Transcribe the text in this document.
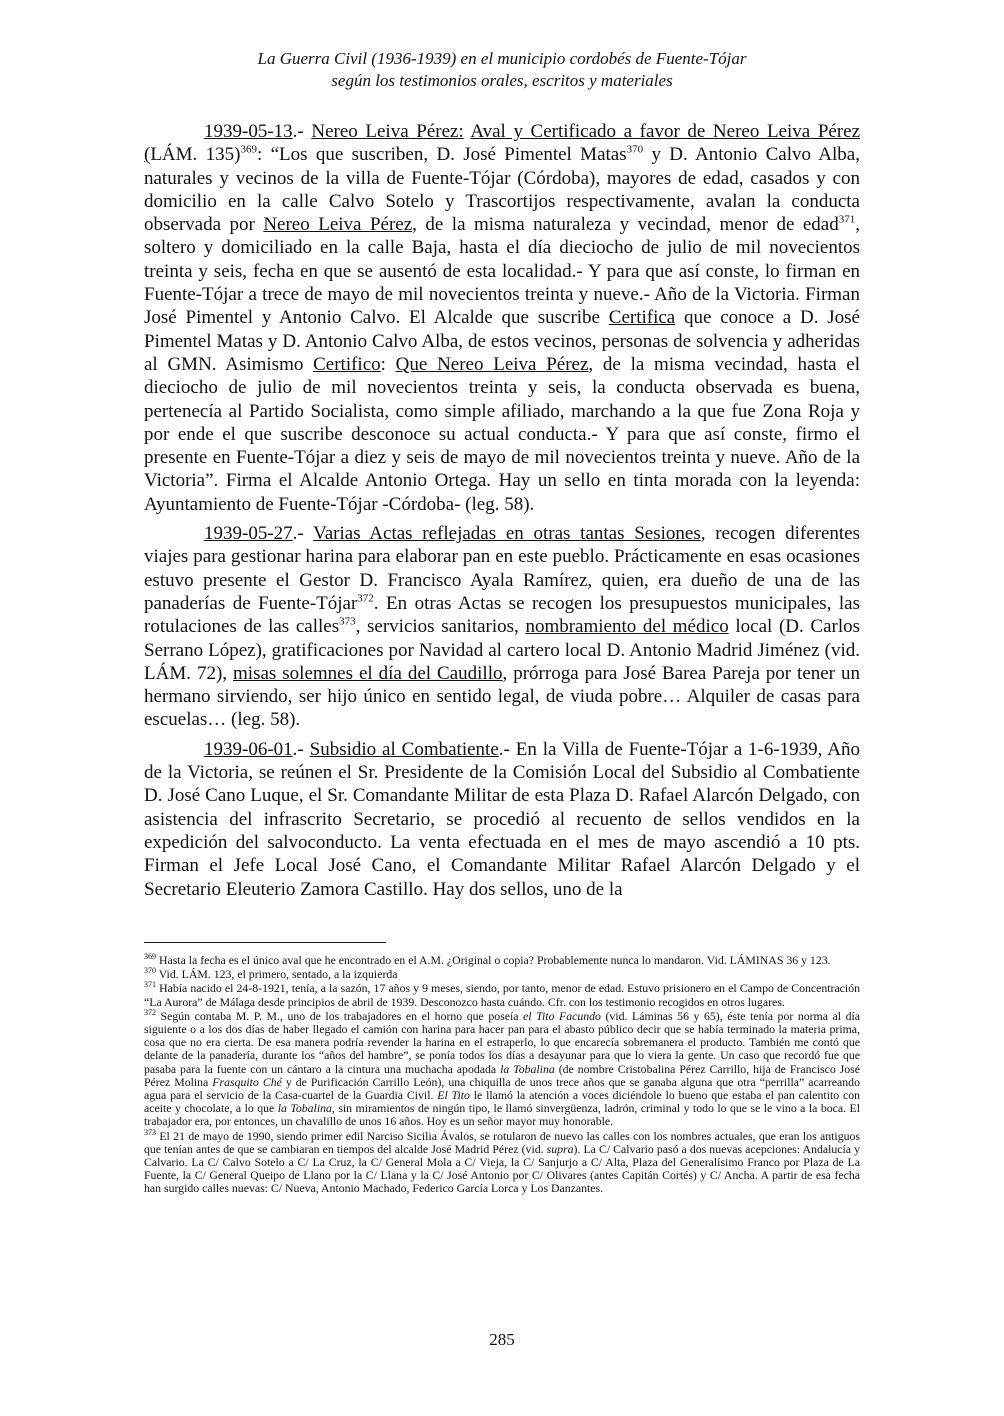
La Guerra Civil (1936-1939) en el municipio cordobés de Fuente-Tójar
según los testimonios orales, escritos y materiales

1939-05-13.- Nereo Leiva Pérez: Aval y Certificado a favor de Nereo Leiva Pérez (LÁM. 135)$^{369}$: “Los que suscriben, D. José Pimentel Matas$^{370}$ y D. Antonio Calvo Alba, naturales y vecinos de la villa de Fuente-Tójar (Córdoba), mayores de edad, casados y con domicilio en la calle Calvo Sotelo y Trascortijos respectivamente, avalan la conducta observada por Nereo Leiva Pérez, de la misma naturaleza y vecindad, menor de edad$^{371}$, soltero y domiciliado en la calle Baja, hasta el día dieciocho de julio de mil novecientos treinta y seis, fecha en que se ausentó de esta localidad.- Y para que así conste, lo firman en Fuente-Tójar a trece de mayo de mil novecientos treinta y nueve.- Año de la Victoria. Firman José Pimentel y Antonio Calvo. El Alcalde que suscribe Certifica que conoce a D. José Pimentel Matas y D. Antonio Calvo Alba, de estos vecinos, personas de solvencia y adheridas al GMN. Asimismo Certifico: Que Nereo Leiva Pérez, de la misma vecindad, hasta el dieciocho de julio de mil novecientos treinta y seis, la conducta observada es buena, pertenecía al Partido Socialista, como simple afiliado, marchando a la que fue Zona Roja y por ende el que suscribe desconoce su actual conducta.- Y para que así conste, firmo el presente en Fuente-Tójar a diez y seis de mayo de mil novecientos treinta y nueve. Año de la Victoria”. Firma el Alcalde Antonio Ortega. Hay un sello en tinta morada con la leyenda: Ayuntamiento de Fuente-Tójar -Córdoba- (leg. 58).

1939-05-27.- Varias Actas reflejadas en otras tantas Sesiones, recogen diferentes viajes para gestionar harina para elaborar pan en este pueblo. Prácticamente en esas ocasiones estuvo presente el Gestor D. Francisco Ayala Ramírez, quien, era dueño de una de las panaderías de Fuente-Tójar$^{372}$. En otras Actas se recogen los presupuestos municipales, las rotulaciones de las calles$^{373}$, servicios sanitarios, nombramiento del médico local (D. Carlos Serrano López), gratificaciones por Navidad al cartero local D. Antonio Madrid Jiménez (vid. LÁM. 72), misas solemnes el día del Caudillo, prórroga para José Barea Pareja por tener un hermano sirviendo, ser hijo único en sentido legal, de viuda pobre… Alquiler de casas para escuelas… (leg. 58).

1939-06-01.- Subsidio al Combatiente.- En la Villa de Fuente-Tójar a 1-6-1939, Año de la Victoria, se reúnen el Sr. Presidente de la Comisión Local del Subsidio al Combatiente D. José Cano Luque, el Sr. Comandante Militar de esta Plaza D. Rafael Alarcón Delgado, con asistencia del infrascrito Secretario, se procedió al recuento de sellos vendidos en la expedición del salvoconducto. La venta efectuada en el mes de mayo ascendió a 10 pts. Firman el Jefe Local José Cano, el Comandante Militar Rafael Alarcón Delgado y el Secretario Eleuterio Zamora Castillo. Hay dos sellos, uno de la

$^{369}$ Hasta la fecha es el único aval que he encontrado en el A.M. ¿Original o copia? Probablemente nunca lo mandaron. Vid. LÁMINAS 36 y 123.

$^{370}$ Vid. LÁM. 123, el primero, sentado, a la izquierda

$^{371}$ Había nacido el 24-8-1921, tenía, a la sazón, 17 años y 9 meses, siendo, por tanto, menor de edad. Estuvo prisionero en el Campo de Concentración “La Aurora” de Málaga desde principios de abril de 1939. Desconozco hasta cuándo. Cfr. con los testimonio recogidos en otros lugares.

$^{372}$ Según contaba M. P. M., uno de los trabajadores en el horno que poseía el Tito Facundo (vid. Láminas 56 y 65), éste tenía por norma al día siguiente o a los dos días de haber llegado el camión con harina para hacer pan para el abasto público decir que se había terminado la materia prima, cosa que no era cierta. De esa manera podría revender la harina en el estraperlo, lo que encarecía sobremanera el producto. También me contó que delante de la panadería, durante los “años del hambre”, se ponía todos los días a desayunar para que lo viera la gente. Un caso que recordó fue que pasaba para la fuente con un cántaro a la cintura una muchacha apodada la Tobalina (de nombre Cristobalina Pérez Carrillo, hija de Francisco José Pérez Molina Frasquito Ché y de Purificación Carrillo León), una chiquilla de unos trece años que se ganaba alguna que otra “perrilla” acarreando agua para el servicio de la Casa-cuartel de la Guardia Civil. El Tito le llamó la atención a voces diciéndole lo bueno que estaba el pan calentito con aceite y chocolate, a lo que la Tobalina, sin miramientos de ningún tipo, le llamó sinvergüenza, ladrón, criminal y todo lo que se le vino a la boca. El trabajador era, por entonces, un chavalillo de unos 16 años. Hoy es un señor mayor muy honorable.

$^{373}$ El 21 de mayo de 1990, siendo primer edil Narciso Sicilia Ávalos, se rotularon de nuevo las calles con los nombres actuales, que eran los antiguos que tenían antes de que se cambiaran en tiempos del alcalde José Madrid Pérez (vid. supra). La C/ Calvario pasó a dos nuevas acepciones: Andalucía y Calvario. La C/ Calvo Sotelo a C/ La Cruz, la C/ General Mola a C/ Vieja, la C/ Sanjurjo a C/ Alta, Plaza del Generalísimo Franco por Plaza de La Fuente, la C/ General Queipo de Llano por la C/ Llana y la C/ José Antonio por C/ Olivares (antes Capitán Cortés) y C/ Ancha. A partir de esa fecha han surgido calles nuevas: C/ Nueva, Antonio Machado, Federico García Lorca y Los Danzantes.

285
